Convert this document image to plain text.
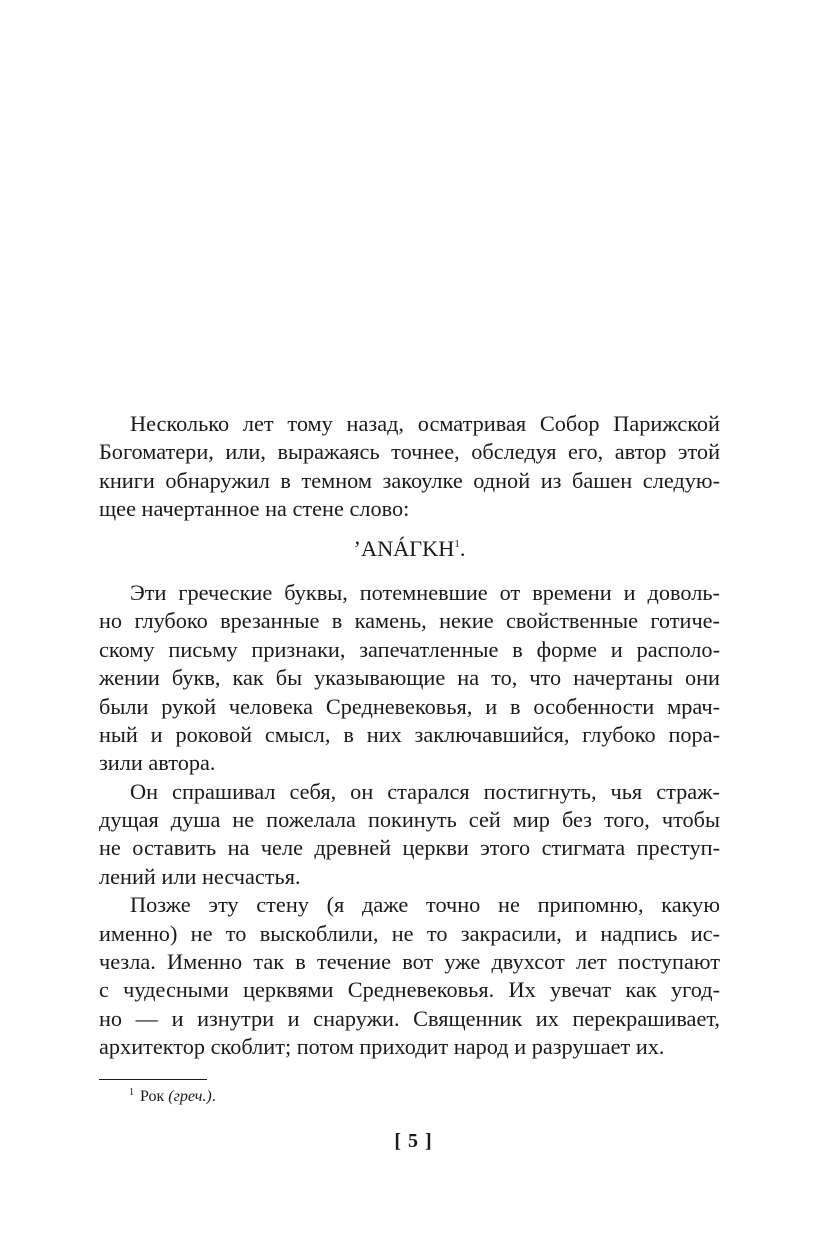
Несколько лет тому назад, осматривая Собор Парижской
Богоматери, или, выражаясь точнее, обследуя его, автор этой
книги обнаружил в темном закоулке одной из башен следую-
щее начертанное на стене слово:
’ANÁГKH$^1$.
Эти греческие буквы, потемневшие от времени и доволь-
но глубоко врезанные в камень, некие свойственные готиче-
скому письму признаки, запечатленные в форме и располо-
жении букв, как бы указывающие на то, что начертаны они
были рукой человека Средневековья, и в особенности мрач-
ный и роковой смысл, в них заключавшийся, глубоко пора-
зили автора.
Он спрашивал себя, он старался постигнуть, чья страж-
дущая душа не пожелала покинуть сей мир без того, чтобы
не оставить на челе древней церкви этого стигмата преступ-
лений или несчастья.
Позже эту стену (я даже точно не припомню, какую
именно) не то выскоблили, не то закрасили, и надпись ис-
чезла. Именно так в течение вот уже двухсот лет поступают
с чудесными церквями Средневековья. Их увечат как угод-
но — и изнутри и снаружи. Священник их перекрашивает,
архитектор скоблит; потом приходит народ и разрушает их.
$^1$ Рок (греч.).
[ 5 ]
